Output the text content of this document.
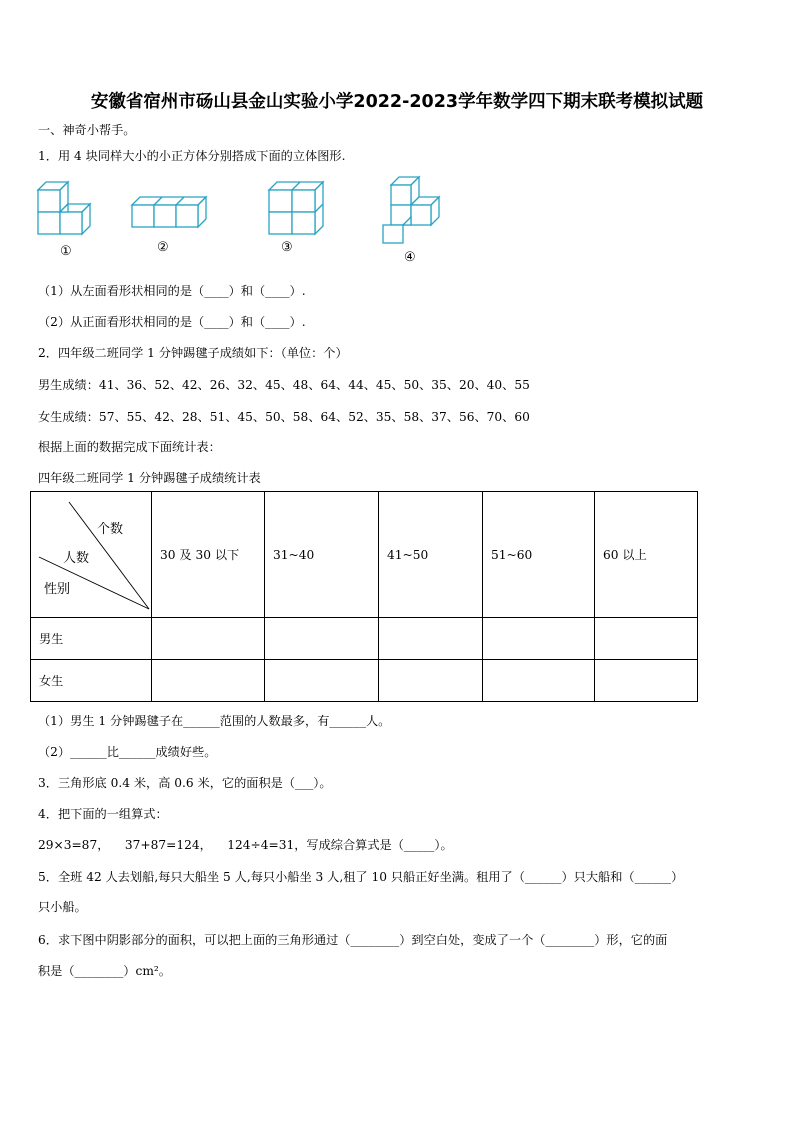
安徽省宿州市砀山县金山实验小学2022-2023学年数学四下期末联考模拟试题
一、神奇小帮手。
1．用 4 块同样大小的小正方体分别搭成下面的立体图形.
①	②	③
④
（1）从左面看形状相同的是（____）和（____）.
（2）从正面看形状相同的是（____）和（____）.
2．四年级二班同学 1 分钟踢毽子成绩如下：（单位：个）
男生成绩：41、36、52、42、26、32、45、48、64、44、45、50、35、20、40、55
女生成绩：57、55、42、28、51、45、50、58、64、52、35、58、37、56、70、60
根据上面的数据完成下面统计表：
四年级二班同学 1 分钟踢毽子成绩统计表
个数
人数
性别	30 及 30 以下	31~40	41~50	51~60	60 以上
男生					
女生					
（1）男生 1 分钟踢毽子在______范围的人数最多，有______人。
（2）______比______成绩好些。
3．三角形底 0.4 米，高 0.6 米，它的面积是（___）。
4．把下面的一组算式：
29×3=87，    37+87=124，    124÷4=31，写成综合算式是（_____）。
5．全班 42 人去划船,每只大船坐 5 人,每只小船坐 3 人,租了 10 只船正好坐满。租用了（______）只大船和（______）
只小船。
6．求下图中阴影部分的面积，可以把上面的三角形通过（________）到空白处，变成了一个（________）形，它的面
积是（________）cm²。
